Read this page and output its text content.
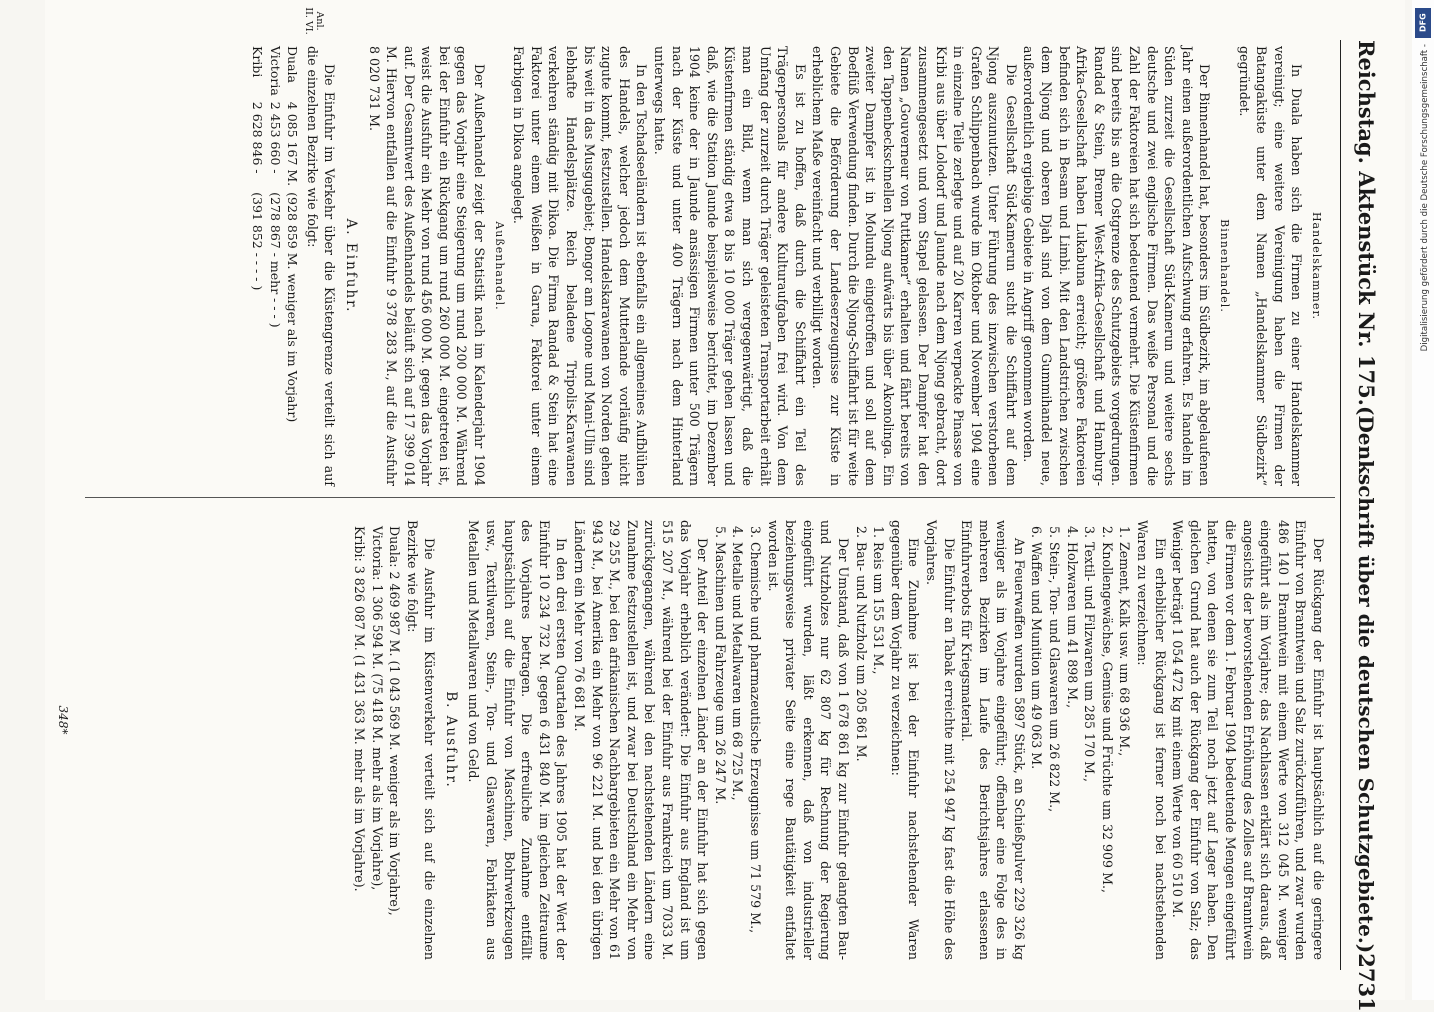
Reichstag. Aktenstück Nr. 175.
(Denkschrift über die deutschen Schutzgebiete.)
2731
Handelskammer.

In Duala haben sich die Firmen zu einer Handelskammer vereinigt; eine weitere Vereinigung haben die Firmen der Batangaküste unter dem Namen „Handelskammer Südbezirk“ gegründet.

Binnenhandel.

Der Binnenhandel hat, besonders im Südbezirk, im abgelaufenen Jahr einen außerordentlichen Aufschwung erfahren. Es handeln im Süden zurzeit die Gesellschaft Süd-Kamerun und weitere sechs deutsche und zwei englische Firmen. Das weiße Personal und die Zahl der Faktoreien hat sich bedeutend vermehrt. Die Küstenfirmen sind bereits bis an die Ostgrenze des Schutzgebiets vorgedrungen. Randad & Stein, Bremer West-Afrika-Gesellschaft und Hamburg-Afrika-Gesellschaft haben Lukabuna erreicht; größere Faktoreien befinden sich in Besam und Limbi. Mit den Landstrichen zwischen dem Njong und oberen Djah sind von dem Gummihandel neue, außerordentlich ergiebige Gebiete in Angriff genommen worden.

Die Gesellschaft Süd-Kamerun sucht die Schiffahrt auf dem Njong auszunutzen. Unter Führung des inzwischen verstorbenen Grafen Schlippenbach wurde im Oktober und November 1904 eine in einzelne Teile zerlegte und auf 20 Karren verpackte Pinasse von Kribi aus über Lolodorf und Jaunde nach dem Njong gebracht, dort zusammengesetzt und vom Stapel gelassen. Der Dampfer hat den Namen „Gouverneur von Puttkamer“ erhalten und fährt bereits von den Tappenbeckschnellen Njong aufwärts bis über Akonolinga. Ein zweiter Dampfer ist in Molundu eingetroffen und soll auf dem Boeflüß Verwendung finden. Durch die Njong-Schiffahrt ist für weite Gebiete die Beförderung der Landeserzeugnisse zur Küste in erheblichem Maße vereinfacht und verbilligt worden.

Es ist zu hoffen, daß durch die Schiffahrt ein Teil des Trägerpersonals für andere Kulturaufgaben frei wird. Von dem Umfang der zurzeit durch Träger geleisteten Transportarbeit erhält man ein Bild, wenn man sich vergegenwärtigt, daß die Küstenfirmen ständig etwa 8 bis 10 000 Träger gehen lassen und daß, wie die Station Jaunde beispielsweise berichtet, im Dezember 1904 keine der in Jaunde ansässigen Firmen unter 500 Trägern nach der Küste und unter 400 Trägern nach dem Hinterland unterwegs hatte.

In den Tschadseeländern ist ebenfalls ein allgemeines Aufblühen des Handels, welcher jedoch dem Mutterlande vorläufig nicht zugute kommt, festzustellen. Handelskarawanen von Norden gehen bis weit in das Musgugebiet; Bongor am Logone und Mani-Ulin sind lebhafte Handelsplätze. Reich beladene Tripolis-Karawanen verkehren ständig mit Dikoa. Die Firma Randad & Stein hat eine Faktorei unter einem Weißen in Garua, Faktorei unter einem Farbigen in Dikoa angelegt.

Außenhandel.

Der Außenhandel zeigt der Statistik nach im Kalenderjahr 1904 gegen das Vorjahr eine Steigerung um rund 200 000 M. Während bei der Einfuhr ein Rückgang um rund 260 000 M. eingetreten ist, weist die Ausfuhr ein Mehr von rund 456 000 M. gegen das Vorjahr auf. Der Gesamtwert des Außenhandels beläuft sich auf 17 399 014 M. Hiervon entfallen auf die Einfuhr 9 378 283 M., auf die Ausfuhr 8 020 731 M.

A. Einfuhr.

Die Einfuhr im Verkehr über die Küstengrenze verteilt sich auf die einzelnen Bezirke wie folgt:

Duala	4 085 167 M.	(928 859 M. weniger als im Vorjahr)
Victoria	2 453 660 -	(278 867 - mehr - - - )
Kribi	2 628 846 -	(391 852 - - - - )
Anl. II. VI.

Der Rückgang der Einfuhr ist hauptsächlich auf die geringere Einfuhr von Branntwein und Salz zurückzuführen, und zwar wurden 486 140 l Branntwein mit einem Werte von 312 045 M. weniger eingeführt als im Vorjahre; das Nachlassen erklärt sich daraus, daß angesichts der bevorstehenden Erhöhung des Zolles auf Branntwein die Firmen vor dem 1. Februar 1904 bedeutende Mengen eingeführt hatten, von denen sie zum Teil noch jetzt auf Lager haben. Den gleichen Grund hat auch der Rückgang der Einfuhr von Salz; das Weniger beträgt 1 054 472 kg mit einem Werte von 60 510 M.

Ein erheblicher Rückgang ist ferner noch bei nachstehenden Waren zu verzeichnen:

1. Zement, Kalk usw. um 68 936 M.,

2. Knollengewächse, Gemüse und Früchte um 32 909 M.,

3. Textil- und Filzwaren um 285 170 M.,

4. Holzwaren um 41 898 M.,

5. Stein-, Ton- und Glaswaren um 26 822 M.,

6. Waffen und Munition um 49 063 M.

An Feuerwaffen wurden 5897 Stück, an Schießpulver 229 326 kg weniger als im Vorjahre eingeführt; offenbar eine Folge des in mehreren Bezirken im Laufe des Berichtsjahres erlassenen Einfuhrverbots für Kriegsmaterial.

Die Einfuhr an Tabak erreichte mit 254 947 kg fast die Höhe des Vorjahres.

Eine Zunahme ist bei der Einfuhr nachstehender Waren gegenüber dem Vorjahr zu verzeichnen:

1. Reis um 155 531 M.,

2. Bau- und Nutzholz um 205 861 M.

Der Umstand, daß von 1 678 861 kg zur Einfuhr gelangten Bau- und Nutzholzes nur 62 807 kg für Rechnung der Regierung eingeführt wurden, läßt erkennen, daß von industrieller beziehungsweise privater Seite eine rege Bautätigkeit entfaltet worden ist.

3. Chemische und pharmazeutische Erzeugnisse um 71 579 M.,

4. Metalle und Metallwaren um 68 725 M.,

5. Maschinen und Fahrzeuge um 26 247 M.

Der Anteil der einzelnen Länder an der Einfuhr hat sich gegen das Vorjahr erheblich verändert: Die Einfuhr aus England ist um 515 207 M., während bei der Einfuhr aus Frankreich um 7033 M. zurückgegangen, während bei den nachstehenden Ländern eine Zunahme festzustellen ist, und zwar bei Deutschland ein Mehr von 29 255 M., bei den afrikanischen Nachbargebieten ein Mehr von 61 943 M., bei Amerika ein Mehr von 96 221 M. und bei den übrigen Ländern ein Mehr von 76 681 M.

In den drei ersten Quartalen des Jahres 1905 hat der Wert der Einfuhr 10 234 732 M. gegen 6 431 840 M. im gleichen Zeitraume des Vorjahres betragen. Die erfreuliche Zunahme entfällt hauptsächlich auf die Einfuhr von Maschinen, Bohrwerkzeugen usw., Textilwaren, Stein-, Ton- und Glaswaren, Fabrikaten aus Metallen und Metallwaren und von Geld.

B. Ausfuhr.

Die Ausfuhr im Küstenverkehr verteilt sich auf die einzelnen Bezirke wie folgt:

Duala: 2 469 987 M. (1 043 569 M. weniger als im Vorjahre),

Victoria: 1 306 594 M. (75 418 M. mehr als im Vorjahre),

Kribi: 3 826 087 M. (1 431 363 M. mehr als im Vorjahre).

348*
DFG
Digitalisierung gefördert durch die Deutsche Forschungsgemeinschaft -
